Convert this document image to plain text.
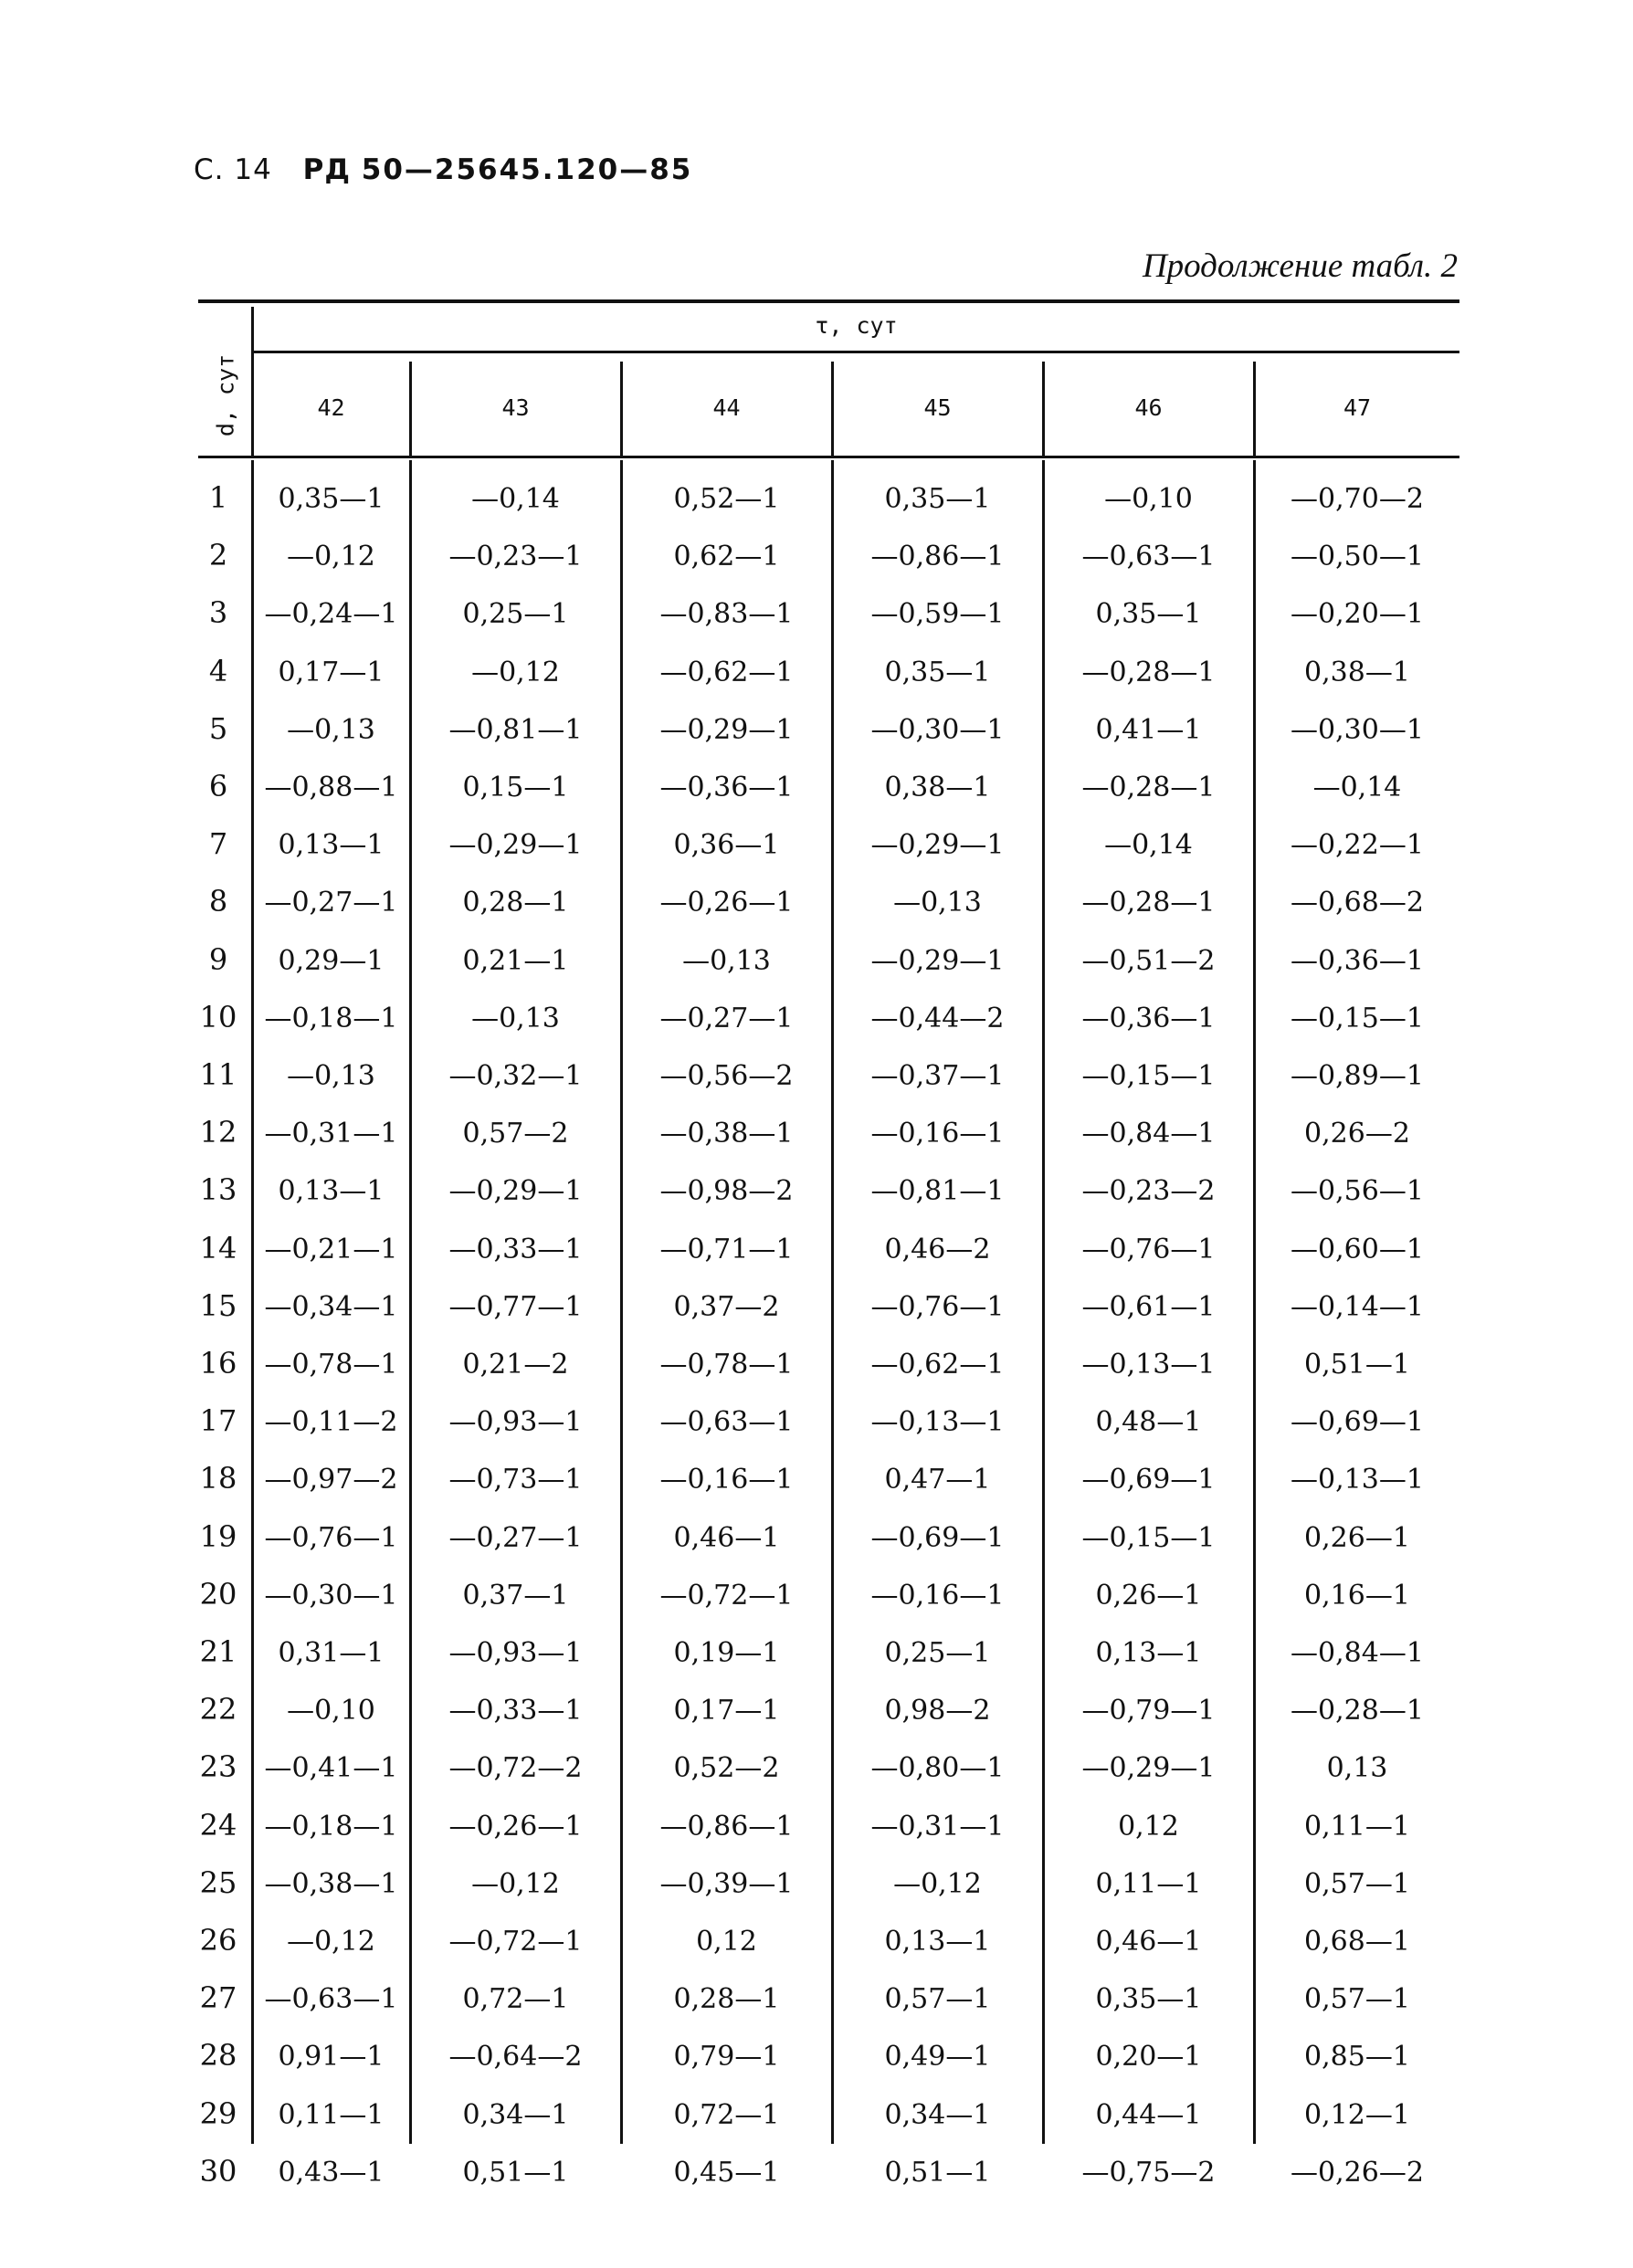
С. 14 РД 50—25645.120—85
Продолжение табл. 2
d, сут
τ, сут
42	43	44	45	46	47
1	0,35—1	—0,14	0,52—1	0,35—1	—0,10	—0,70—2
2	—0,12	—0,23—1	0,62—1	—0,86—1	—0,63—1	—0,50—1
3	—0,24—1	0,25—1	—0,83—1	—0,59—1	0,35—1	—0,20—1
4	0,17—1	—0,12	—0,62—1	0,35—1	—0,28—1	0,38—1
5	—0,13	—0,81—1	—0,29—1	—0,30—1	0,41—1	—0,30—1
6	—0,88—1	0,15—1	—0,36—1	0,38—1	—0,28—1	—0,14
7	0,13—1	—0,29—1	0,36—1	—0,29—1	—0,14	—0,22—1
8	—0,27—1	0,28—1	—0,26—1	—0,13	—0,28—1	—0,68—2
9	0,29—1	0,21—1	—0,13	—0,29—1	—0,51—2	—0,36—1
10	—0,18—1	—0,13	—0,27—1	—0,44—2	—0,36—1	—0,15—1
11	—0,13	—0,32—1	—0,56—2	—0,37—1	—0,15—1	—0,89—1
12	—0,31—1	0,57—2	—0,38—1	—0,16—1	—0,84—1	0,26—2
13	0,13—1	—0,29—1	—0,98—2	—0,81—1	—0,23—2	—0,56—1
14	—0,21—1	—0,33—1	—0,71—1	0,46—2	—0,76—1	—0,60—1
15	—0,34—1	—0,77—1	0,37—2	—0,76—1	—0,61—1	—0,14—1
16	—0,78—1	0,21—2	—0,78—1	—0,62—1	—0,13—1	0,51—1
17	—0,11—2	—0,93—1	—0,63—1	—0,13—1	0,48—1	—0,69—1
18	—0,97—2	—0,73—1	—0,16—1	0,47—1	—0,69—1	—0,13—1
19	—0,76—1	—0,27—1	0,46—1	—0,69—1	—0,15—1	0,26—1
20	—0,30—1	0,37—1	—0,72—1	—0,16—1	0,26—1	0,16—1
21	0,31—1	—0,93—1	0,19—1	0,25—1	0,13—1	—0,84—1
22	—0,10	—0,33—1	0,17—1	0,98—2	—0,79—1	—0,28—1
23	—0,41—1	—0,72—2	0,52—2	—0,80—1	—0,29—1	0,13
24	—0,18—1	—0,26—1	—0,86—1	—0,31—1	0,12	0,11—1
25	—0,38—1	—0,12	—0,39—1	—0,12	0,11—1	0,57—1
26	—0,12	—0,72—1	0,12	0,13—1	0,46—1	0,68—1
27	—0,63—1	0,72—1	0,28—1	0,57—1	0,35—1	0,57—1
28	0,91—1	—0,64—2	0,79—1	0,49—1	0,20—1	0,85—1
29	0,11—1	0,34—1	0,72—1	0,34—1	0,44—1	0,12—1
30	0,43—1	0,51—1	0,45—1	0,51—1	—0,75—2	—0,26—2
